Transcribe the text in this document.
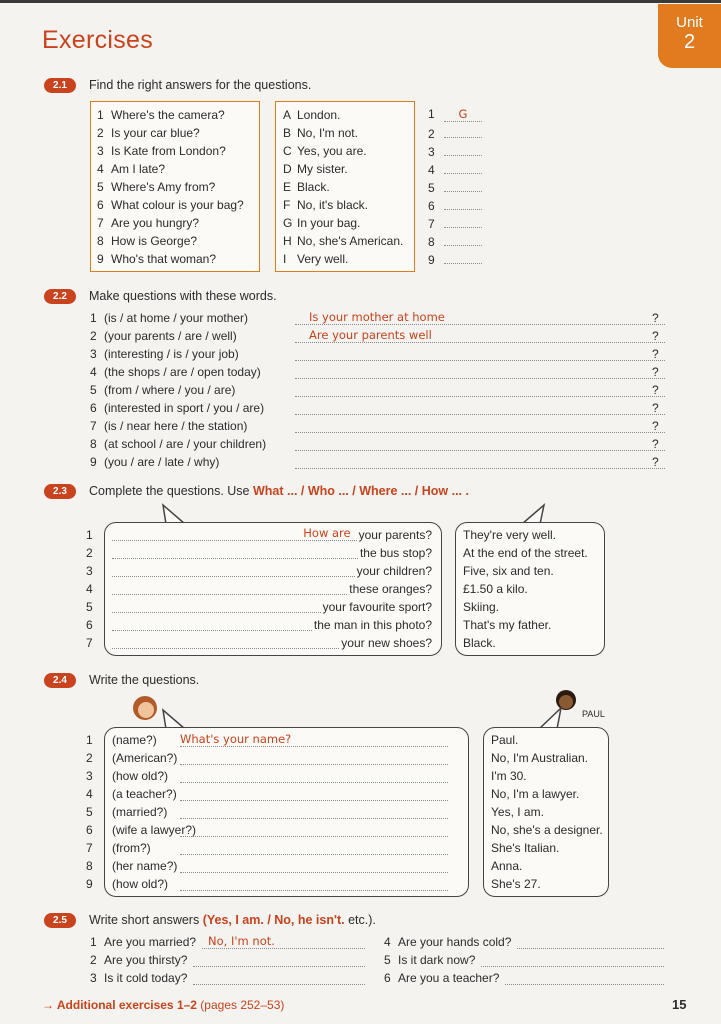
Exercises
Unit
2
2.1	Find the right answers for the questions.
1 Where's the camera?
2 Is your car blue?
3 Is Kate from London?
4 Am I late?
5 Where's Amy from?
6 What colour is your bag?
7 Are you hungry?
8 How is George?
9 Who's that woman?
A London.
B No, I'm not.
C Yes, you are.
D My sister.
E Black.
F No, it's black.
G In your bag.
H No, she's American.
I Very well.
1 G
2
3
4
5
6
7
8
9
2.2	Make questions with these words.
1 (is / at home / your mother)	Is your mother at home	?
2 (your parents / are / well)	Are your parents well	?
3 (interesting / is / your job)	?
4 (the shops / are / open today)	?
5 (from / where / you / are)	?
6 (interested in sport / you / are)	?
7 (is / near here / the station)	?
8 (at school / are / your children)	?
9 (you / are / late / why)	?
2.3	Complete the questions. Use What ... / Who ... / Where ... / How ... .
1	How are your parents?	They're very well.
2	the bus stop?	At the end of the street.
3	your children?	Five, six and ten.
4	these oranges?	£1.50 a kilo.
5	your favourite sport?	Skiing.
6	the man in this photo?	That's my father.
7	your new shoes?	Black.
2.4	Write the questions.
PAUL
1 (name?) What's your name?	Paul.
2 (American?)	No, I'm Australian.
3 (how old?)	I'm 30.
4 (a teacher?)	No, I'm a lawyer.
5 (married?)	Yes, I am.
6 (wife a lawyer?)	No, she's a designer.
7 (from?)	She's Italian.
8 (her name?)	Anna.
9 (how old?)	She's 27.
2.5	Write short answers (Yes, I am. / No, he isn't. etc.).
1 Are you married?	No, I'm not.
2 Are you thirsty?
3 Is it cold today?
4 Are your hands cold?
5 Is it dark now?
6 Are you a teacher?
→ Additional exercises 1–2 (pages 252–53)	15
